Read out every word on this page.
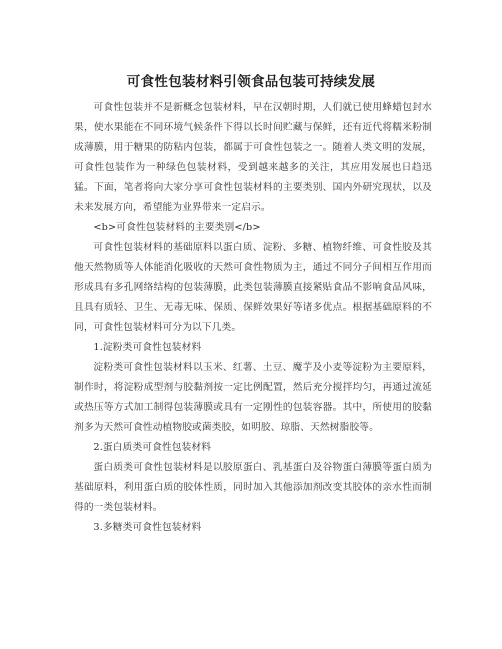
可食性包装材料引领食品包装可持续发展

可食性包装并不是新概念包装材料，早在汉朝时期，人们就已使用蜂蜡包封水果，使水果能在不同环境气候条件下得以长时间贮藏与保鲜，还有近代将糯米粉制成薄膜，用于糖果的防粘内包装，都属于可食性包装之一。随着人类文明的发展，可食性包装作为一种绿色包装材料，受到越来越多的关注，其应用发展也日趋迅猛。下面，笔者将向大家分享可食性包装材料的主要类别、国内外研究现状，以及未来发展方向，希望能为业界带来一定启示。

<b>可食性包装材料的主要类别</b>

可食性包装材料的基础原料以蛋白质、淀粉、多糖、植物纤维、可食性胶及其他天然物质等人体能消化吸收的天然可食性物质为主，通过不同分子间相互作用而形成具有多孔网络结构的包装薄膜，此类包装薄膜直接紧贴食品不影响食品风味，且具有质轻、卫生、无毒无味、保质、保鲜效果好等诸多优点。根据基础原料的不同，可食性包装材料可分为以下几类。

1.淀粉类可食性包装材料

淀粉类可食性包装材料以玉米、红薯、土豆、魔芋及小麦等淀粉为主要原料，制作时，将淀粉成型剂与胶黏剂按一定比例配置，然后充分搅拌均匀，再通过流延或热压等方式加工制得包装薄膜或具有一定刚性的包装容器。其中，所使用的胶黏剂多为天然可食性动植物胶或菌类胶，如明胶、琼脂、天然树脂胶等。

2.蛋白质类可食性包装材料

蛋白质类可食性包装材料是以胶原蛋白、乳基蛋白及谷物蛋白薄膜等蛋白质为基础原料，利用蛋白质的胶体性质，同时加入其他添加剂改变其胶体的亲水性而制得的一类包装材料。

3.多糖类可食性包装材料
